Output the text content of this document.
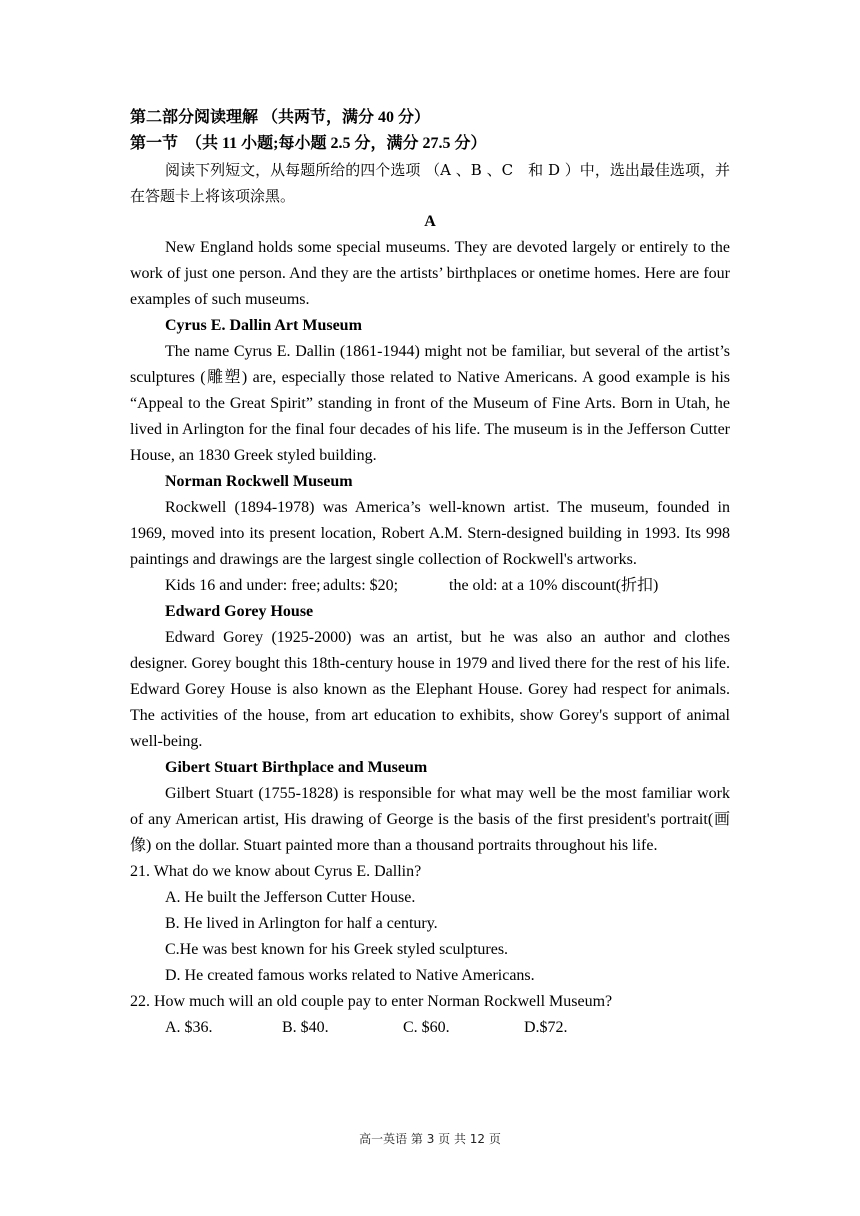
第二部分阅读理解 （共两节，满分 40 分）
第一节　（共 11 小题;每小题 2.5 分，满分 27.5 分）
阅读下列短文，从每题所给的四个选项 （A 、B 、C　和 D ）中，选出最佳选项，并在答题卡上将该项涂黑。
A
New England holds some special museums. They are devoted largely or entirely to the work of just one person. And they are the artists’ birthplaces or onetime homes. Here are four examples of such museums.
Cyrus E. Dallin Art Museum
The name Cyrus E. Dallin (1861-1944) might not be familiar, but several of the artist’s sculptures (雕塑) are, especially those related to Native Americans. A good example is his “Appeal to the Great Spirit” standing in front of the Museum of Fine Arts. Born in Utah, he lived in Arlington for the final four decades of his life. The museum is in the Jefferson Cutter House, an 1830 Greek styled building.
Norman Rockwell Museum
Rockwell (1894-1978) was America’s well-known artist. The museum, founded in 1969, moved into its present location, Robert A.M. Stern-designed building in 1993. Its 998 paintings and drawings are the largest single collection of Rockwell's artworks.
Kids 16 and under: free; adults: $20;	the old: at a 10% discount(折扣)
Edward Gorey House
Edward Gorey (1925-2000) was an artist, but he was also an author and clothes designer. Gorey bought this 18th-century house in 1979 and lived there for the rest of his life. Edward Gorey House is also known as the Elephant House. Gorey had respect for animals. The activities of the house, from art education to exhibits, show Gorey's support of animal well-being.
Gibert Stuart Birthplace and Museum
Gilbert Stuart (1755-1828) is responsible for what may well be the most familiar work of any American artist, His drawing of George is the basis of the first president's portrait(画像) on the dollar. Stuart painted more than a thousand portraits throughout his life.
21. What do we know about Cyrus E. Dallin?
A. He built the Jefferson Cutter House.
B. He lived in Arlington for half a century.
C.He was best known for his Greek styled sculptures.
D. He created famous works related to Native Americans.
22. How much will an old couple pay to enter Norman Rockwell Museum?
A. $36.	B. $40.	C. $60.	D.$72.
高一英语 第 3 页 共 12 页
